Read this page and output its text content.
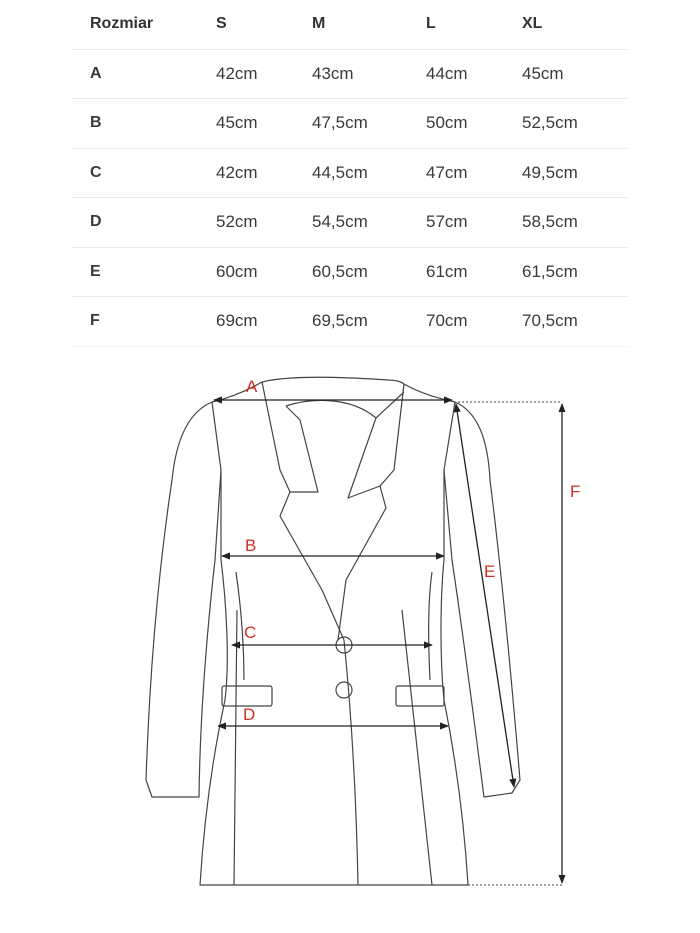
Rozmiar	S	M	L	XL
A	42cm	43cm	44cm	45cm
B	45cm	47,5cm	50cm	52,5cm
C	42cm	44,5cm	47cm	49,5cm
D	52cm	54,5cm	57cm	58,5cm
E	60cm	60,5cm	61cm	61,5cm
F	69cm	69,5cm	70cm	70,5cm
A
B
C
D
E
F
